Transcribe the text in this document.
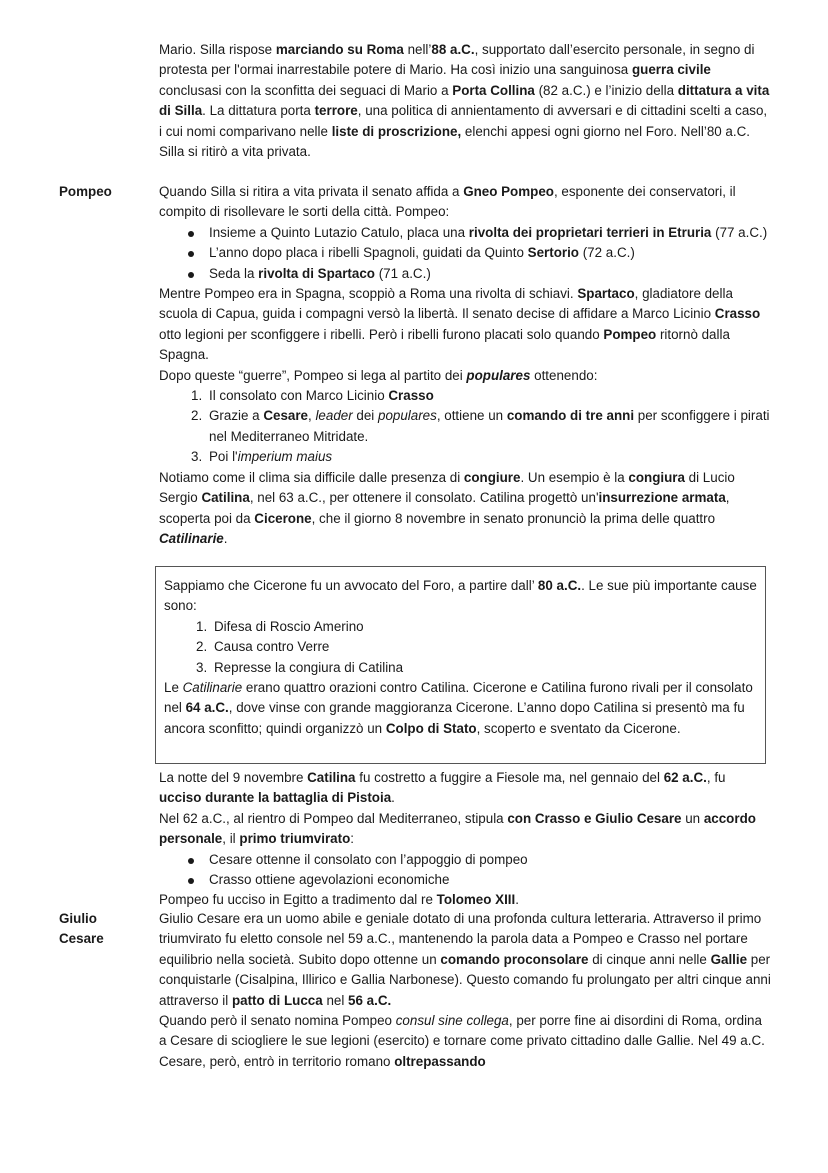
Pompeo
Giulio
Cesare

Mario. Silla rispose marciando su Roma nell’88 a.C., supportato dall’esercito personale, in segno di protesta per l'ormai inarrestabile potere di Mario. Ha così inizio una sanguinosa guerra civile conclusasi con la sconfitta dei seguaci di Mario a Porta Collina (82 a.C.) e l’inizio della dittatura a vita di Silla. La dittatura porta terrore, una politica di annientamento di avversari e di cittadini scelti a caso, i cui nomi comparivano nelle liste di proscrizione, elenchi appesi ogni giorno nel Foro. Nell’80 a.C. Silla si ritirò a vita privata.

Quando Silla si ritira a vita privata il senato affida a Gneo Pompeo, esponente dei conservatori, il compito di risollevare le sorti della città. Pompeo:

Insieme a Quinto Lutazio Catulo, placa una rivolta dei proprietari terrieri in Etruria (77 a.C.)
L’anno dopo placa i ribelli Spagnoli, guidati da Quinto Sertorio (72 a.C.)
Seda la rivolta di Spartaco (71 a.C.)

Mentre Pompeo era in Spagna, scoppiò a Roma una rivolta di schiavi. Spartaco, gladiatore della scuola di Capua, guida i compagni versò la libertà. Il senato decise di affidare a Marco Licinio Crasso otto legioni per sconfiggere i ribelli. Però i ribelli furono placati solo quando Pompeo ritornò dalla Spagna.

Dopo queste “guerre”, Pompeo si lega al partito dei populares ottenendo:

1. Il consolato con Marco Licinio Crasso
2. Grazie a Cesare, leader dei populares, ottiene un comando di tre anni per sconfiggere i pirati nel Mediterraneo Mitridate.
3. Poi l'imperium maius

Notiamo come il clima sia difficile dalle presenza di congiure. Un esempio è la congiura di Lucio Sergio Catilina, nel 63 a.C., per ottenere il consolato. Catilina progettò un'insurrezione armata, scoperta poi da Cicerone, che il giorno 8 novembre in senato pronunciò la prima delle quattro Catilinarie.

Sappiamo che Cicerone fu un avvocato del Foro, a partire dall’ 80 a.C.. Le sue più importante cause sono:

1. Difesa di Roscio Amerino
2. Causa contro Verre
3. Represse la congiura di Catilina

Le Catilinarie erano quattro orazioni contro Catilina. Cicerone e Catilina furono rivali per il consolato nel 64 a.C., dove vinse con grande maggioranza Cicerone. L’anno dopo Catilina si presentò ma fu ancora sconfitto; quindi organizzò un Colpo di Stato, scoperto e sventato da Cicerone.

La notte del 9 novembre Catilina fu costretto a fuggire a Fiesole ma, nel gennaio del 62 a.C., fu ucciso durante la battaglia di Pistoia.

Nel 62 a.C., al rientro di Pompeo dal Mediterraneo, stipula con Crasso e Giulio Cesare un accordo personale, il primo triumvirato:

Cesare ottenne il consolato con l’appoggio di pompeo
Crasso ottiene agevolazioni economiche

Pompeo fu ucciso in Egitto a tradimento dal re Tolomeo XIII.

Giulio Cesare era un uomo abile e geniale dotato di una profonda cultura letteraria. Attraverso il primo triumvirato fu eletto console nel 59 a.C., mantenendo la parola data a Pompeo e Crasso nel portare equilibrio nella società. Subito dopo ottenne un comando proconsolare di cinque anni nelle Gallie per conquistarle (Cisalpina, Illirico e Gallia Narbonese). Questo comando fu prolungato per altri cinque anni attraverso il patto di Lucca nel 56 a.C.

Quando però il senato nomina Pompeo consul sine collega, per porre fine ai disordini di Roma, ordina a Cesare di sciogliere le sue legioni (esercito) e tornare come privato cittadino dalle Gallie. Nel 49 a.C. Cesare, però, entrò in territorio romano oltrepassando
